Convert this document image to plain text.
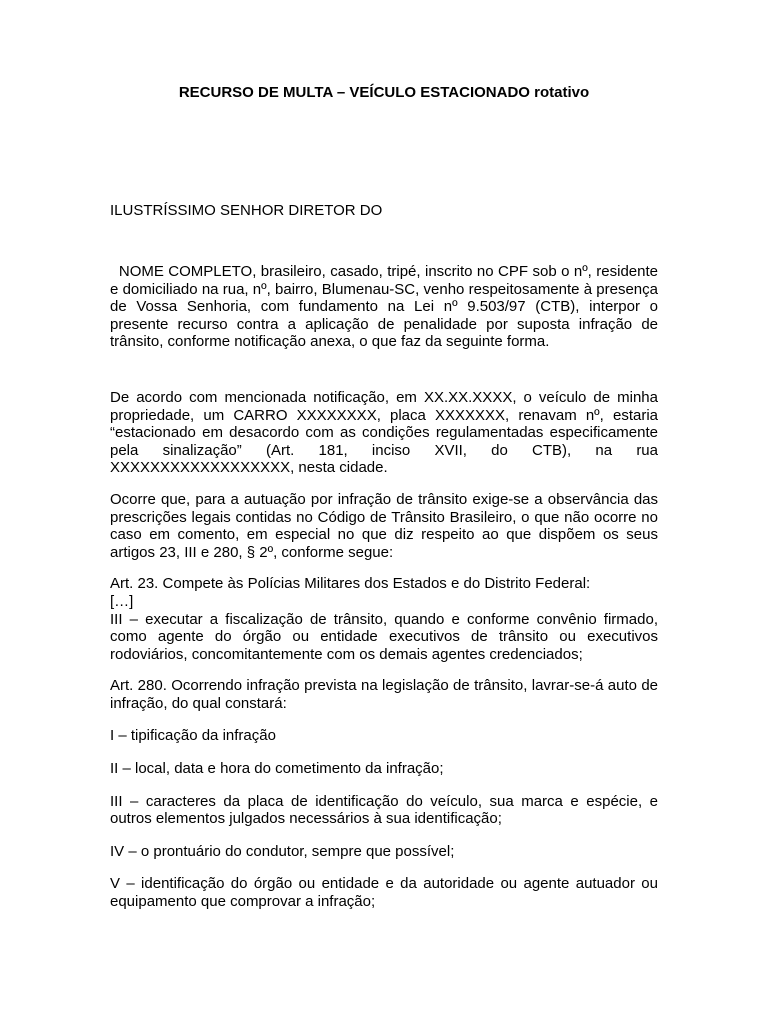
RECURSO DE MULTA – VEÍCULO ESTACIONADO rotativo
ILUSTRÍSSIMO SENHOR DIRETOR DO

NOME COMPLETO, brasileiro, casado, tripé, inscrito no CPF sob o nº, residente e domiciliado na rua, nº, bairro, Blumenau-SC, venho respeitosamente à presença de Vossa Senhoria, com fundamento na Lei nº 9.503/97 (CTB), interpor o presente recurso contra a aplicação de penalidade por suposta infração de trânsito, conforme notificação anexa, o que faz da seguinte forma.

De acordo com mencionada notificação, em XX.XX.XXXX, o veículo de minha propriedade, um CARRO XXXXXXXX, placa XXXXXXX, renavam nº, estaria “estacionado em desacordo com as condições regulamentadas especificamente pela sinalização” (Art. 181, inciso XVII, do CTB), na rua XXXXXXXXXXXXXXXXXX, nesta cidade.

Ocorre que, para a autuação por infração de trânsito exige-se a observância das prescrições legais contidas no Código de Trânsito Brasileiro, o que não ocorre no caso em comento, em especial no que diz respeito ao que dispõem os seus artigos 23, III e 280, § 2º, conforme segue:

Art. 23. Compete às Polícias Militares dos Estados e do Distrito Federal:

[…]

III – executar a fiscalização de trânsito, quando e conforme convênio firmado, como agente do órgão ou entidade executivos de trânsito ou executivos rodoviários, concomitantemente com os demais agentes credenciados;

Art. 280. Ocorrendo infração prevista na legislação de trânsito, lavrar-se-á auto de infração, do qual constará:

I – tipificação da infração

II – local, data e hora do cometimento da infração;

III – caracteres da placa de identificação do veículo, sua marca e espécie, e outros elementos julgados necessários à sua identificação;

IV – o prontuário do condutor, sempre que possível;

V – identificação do órgão ou entidade e da autoridade ou agente autuador ou equipamento que comprovar a infração;
